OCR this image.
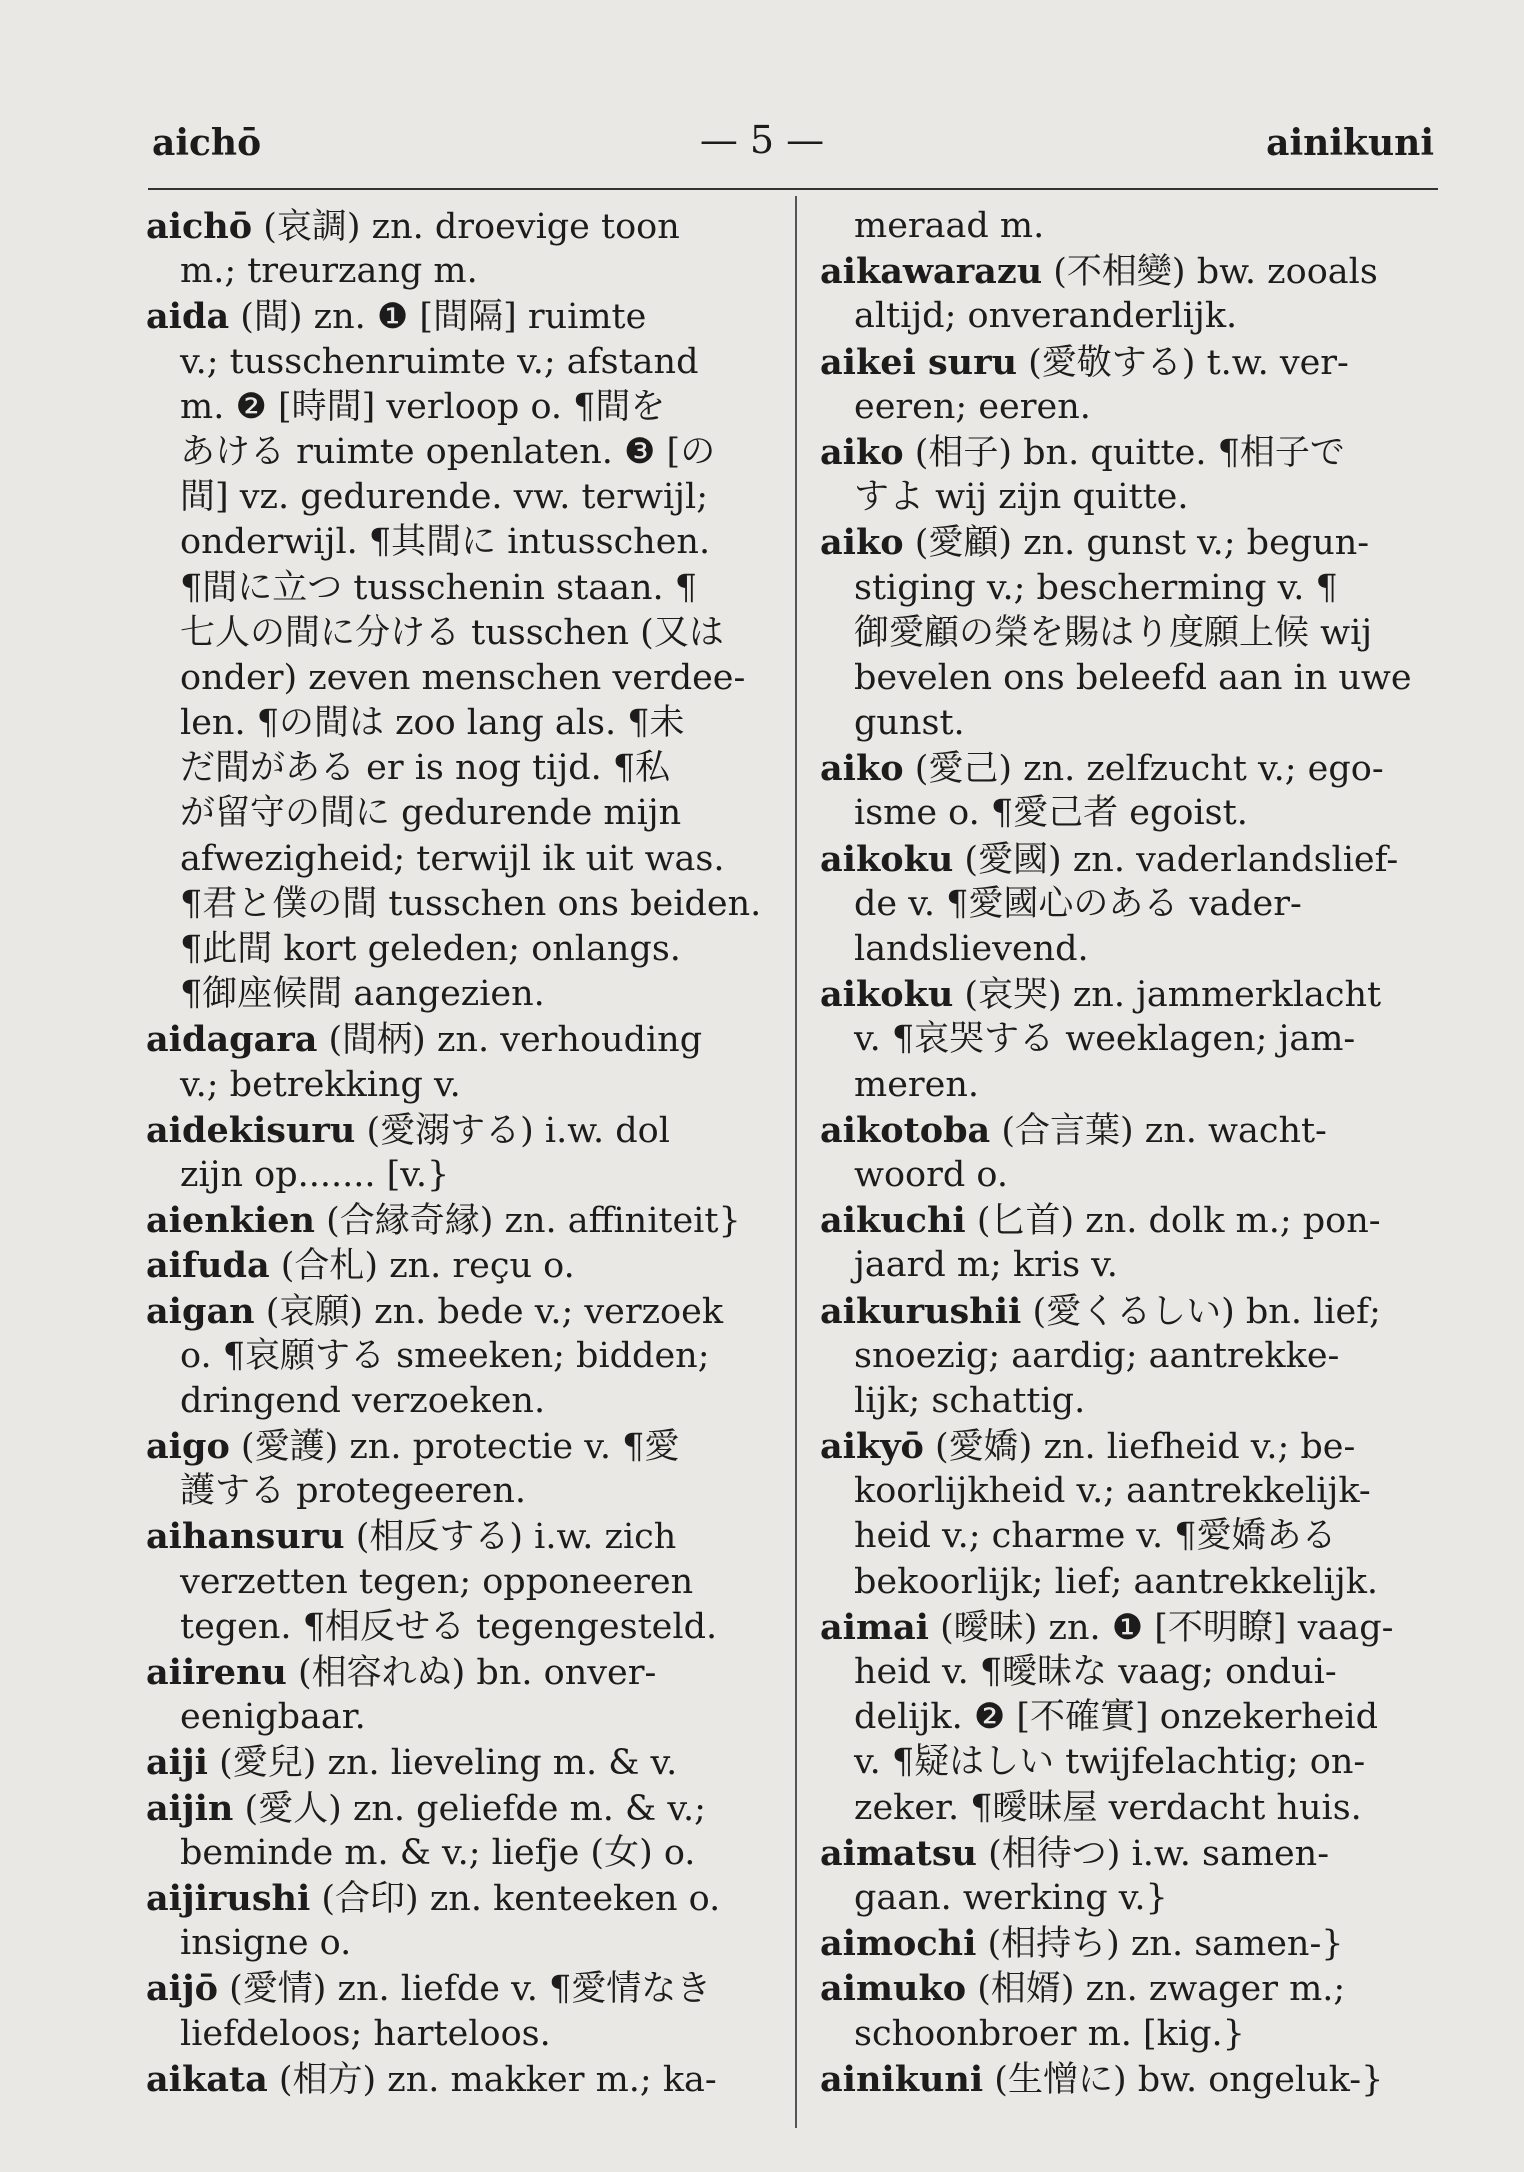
aichō	— 5 —	ainikuni
aichō (哀調) zn. droevige toon
m.; treurzang m.
aida (間) zn. ❶ [間隔] ruimte
v.; tusschenruimte v.; afstand
m. ❷ [時間] verloop o. ¶間を
あける ruimte openlaten. ❸ [の
間] vz. gedurende. vw. terwijl;
onderwijl. ¶其間に intusschen.
¶間に立つ tusschenin staan. ¶
七人の間に分ける tusschen (又は
onder) zeven menschen verdee-
len. ¶の間は zoo lang als. ¶未
だ間がある er is nog tijd. ¶私
が留守の間に gedurende mijn
afwezigheid; terwijl ik uit was.
¶君と僕の間 tusschen ons beiden.
¶此間 kort geleden; onlangs.
¶御座候間 aangezien.
aidagara (間柄) zn. verhouding
v.; betrekking v.
aidekisuru (愛溺する) i.w. dol
zijn op....... [v.}
aienkien (合縁奇縁) zn. affiniteit}
aifuda (合札) zn. reçu o.
aigan (哀願) zn. bede v.; verzoek
o. ¶哀願する smeeken; bidden;
dringend verzoeken.
aigo (愛護) zn. protectie v. ¶愛
護する protegeeren.
aihansuru (相反する) i.w. zich
verzetten tegen; opponeeren
tegen. ¶相反せる tegengesteld.
aiirenu (相容れぬ) bn. onver-
eenigbaar.
aiji (愛兒) zn. lieveling m. & v.
aijin (愛人) zn. geliefde m. & v.;
beminde m. & v.; liefje (女) o.
aijirushi (合印) zn. kenteeken o.
insigne o.
aijō (愛情) zn. liefde v. ¶愛情なき
liefdeloos; harteloos.
aikata (相方) zn. makker m.; ka-
meraad m.
aikawarazu (不相變) bw. zooals
altijd; onveranderlijk.
aikei suru (愛敬する) t.w. ver-
eeren; eeren.
aiko (相子) bn. quitte. ¶相子で
すよ wij zijn quitte.
aiko (愛顧) zn. gunst v.; begun-
stiging v.; bescherming v. ¶
御愛顧の榮を賜はり度願上候 wij
bevelen ons beleefd aan in uwe
gunst.
aiko (愛己) zn. zelfzucht v.; ego-
isme o. ¶愛己者 egoist.
aikoku (愛國) zn. vaderlandslief-
de v. ¶愛國心のある vader-
landslievend.
aikoku (哀哭) zn. jammerklacht
v. ¶哀哭する weeklagen; jam-
meren.
aikotoba (合言葉) zn. wacht-
woord o.
aikuchi (匕首) zn. dolk m.; pon-
jaard m; kris v.
aikurushii (愛くるしい) bn. lief;
snoezig; aardig; aantrekke-
lijk; schattig.
aikyō (愛嬌) zn. liefheid v.; be-
koorlijkheid v.; aantrekkelijk-
heid v.; charme v. ¶愛嬌ある
bekoorlijk; lief; aantrekkelijk.
aimai (曖昧) zn. ❶ [不明瞭] vaag-
heid v. ¶曖昧な vaag; ondui-
delijk. ❷ [不確實] onzekerheid
v. ¶疑はしい twijfelachtig; on-
zeker. ¶曖昧屋 verdacht huis.
aimatsu (相待つ) i.w. samen-
gaan. werking v.}
aimochi (相持ち) zn. samen-}
aimuko (相婿) zn. zwager m.;
schoonbroer m. [kig.}
ainikuni (生憎に) bw. ongeluk-}
